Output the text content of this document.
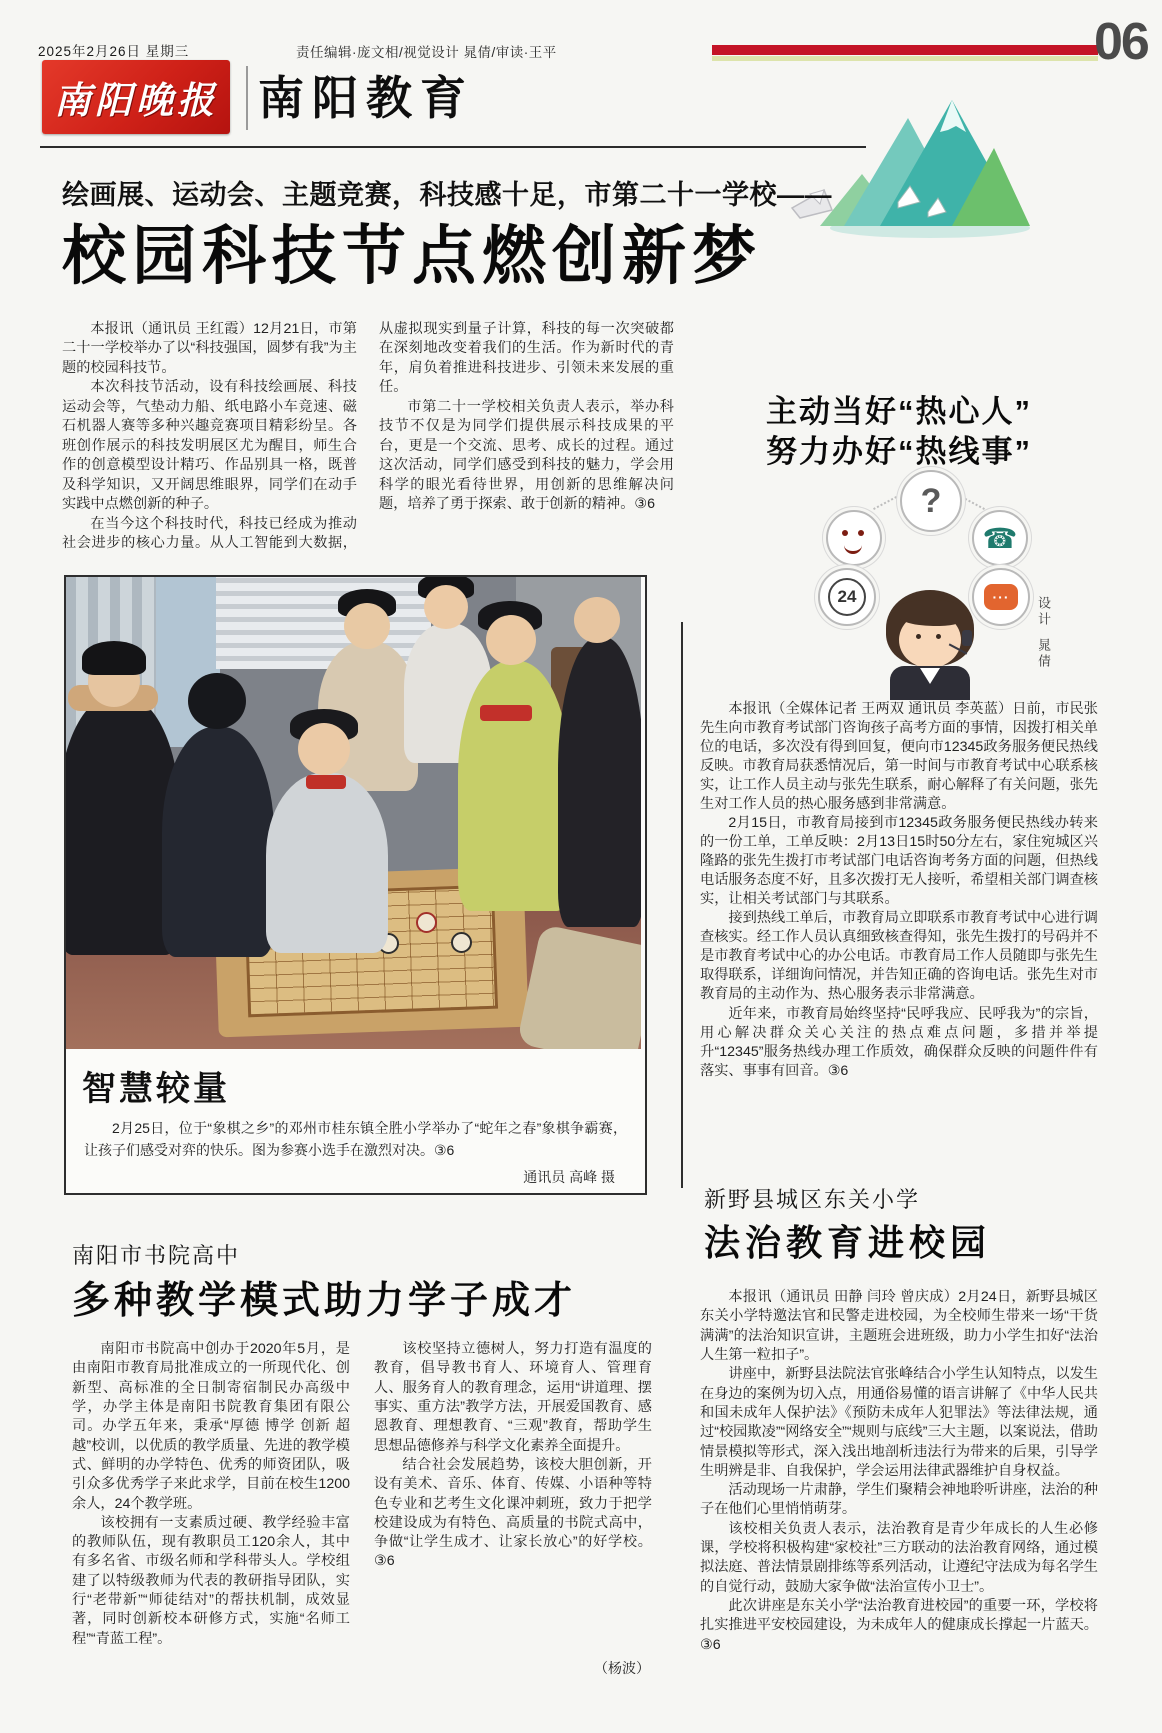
2025年2月26日 星期三	责任编辑·庞文相/视觉设计 晁倩/审读·王平	06
南阳晚报 南阳教育
绘画展、运动会、主题竞赛，科技感十足，市第二十一学校——
校园科技节点燃创新梦

本报讯（通讯员 王红霞）12月21日，市第二十一学校举办了以“科技强国，圆梦有我”为主题的校园科技节。

本次科技节活动，设有科技绘画展、科技运动会等，气垫动力船、纸电路小车竞速、磁石机器人赛等多种兴趣竞赛项目精彩纷呈。各班创作展示的科技发明展区尤为醒目，师生合作的创意模型设计精巧、作品别具一格，既普及科学知识，又开阔思维眼界，同学们在动手实践中点燃创新的种子。

在当今这个科技时代，科技已经成为推动社会进步的核心力量。从人工智能到大数据，从虚拟现实到量子计算，科技的每一次突破都在深刻地改变着我们的生活。作为新时代的青年，肩负着推进科技进步、引领未来发展的重任。

市第二十一学校相关负责人表示，举办科技节不仅是为同学们提供展示科技成果的平台，更是一个交流、思考、成长的过程。通过这次活动，同学们感受到科技的魅力，学会用科学的眼光看待世界，用创新的思维解决问题，培养了勇于探索、敢于创新的精神。③6

智慧较量
2月25日，位于“象棋之乡”的邓州市桂东镇全胜小学举办了“蛇年之春”象棋争霸赛，让孩子们感受对弈的快乐。图为参赛小选手在激烈对决。③6
通讯员 高峰 摄
南阳市书院高中
多种教学模式助力学子成才

南阳市书院高中创办于2020年5月，是由南阳市教育局批准成立的一所现代化、创新型、高标准的全日制寄宿制民办高级中学，办学主体是南阳书院教育集团有限公司。办学五年来，秉承“厚德 博学 创新 超越”校训，以优质的教学质量、先进的教学模式、鲜明的办学特色、优秀的师资团队，吸引众多优秀学子来此求学，目前在校生1200余人，24个教学班。

该校拥有一支素质过硬、教学经验丰富的教师队伍，现有教职员工120余人，其中有多名省、市级名师和学科带头人。学校组建了以特级教师为代表的教研指导团队，实行“老带新”“师徒结对”的帮扶机制，成效显著，同时创新校本研修方式，实施“名师工程”“青蓝工程”。

该校坚持立德树人，努力打造有温度的教育，倡导教书育人、环境育人、管理育人、服务育人的教育理念，运用“讲道理、摆事实、重方法”教学方法，开展爱国教育、感恩教育、理想教育、“三观”教育，帮助学生思想品德修养与科学文化素养全面提升。

结合社会发展趋势，该校大胆创新，开设有美术、音乐、体育、传媒、小语种等特色专业和艺考生文化课冲刺班，致力于把学校建设成为有特色、高质量的书院式高中，争做“让学生成才、让家长放心”的好学校。③6

（杨波）
主动当好“热心人”
努力办好“热线事”
?
☎
24	···	设计
晁倩

本报讯（全媒体记者 王两双 通讯员 李英蓝）日前，市民张先生向市教育考试部门咨询孩子高考方面的事情，因拨打相关单位的电话，多次没有得到回复，便向市12345政务服务便民热线反映。市教育局获悉情况后，第一时间与市教育考试中心联系核实，让工作人员主动与张先生联系，耐心解释了有关问题，张先生对工作人员的热心服务感到非常满意。

2月15日，市教育局接到市12345政务服务便民热线办转来的一份工单，工单反映：2月13日15时50分左右，家住宛城区兴隆路的张先生拨打市考试部门电话咨询考务方面的问题，但热线电话服务态度不好，且多次拨打无人接听，希望相关部门调查核实，让相关考试部门与其联系。

接到热线工单后，市教育局立即联系市教育考试中心进行调查核实。经工作人员认真细致核查得知，张先生拨打的号码并不是市教育考试中心的办公电话。市教育局工作人员随即与张先生取得联系，详细询问情况，并告知正确的咨询电话。张先生对市教育局的主动作为、热心服务表示非常满意。

近年来，市教育局始终坚持“民呼我应、民呼我为”的宗旨，用心解决群众关心关注的热点难点问题，多措并举提升“12345”服务热线办理工作质效，确保群众反映的问题件件有落实、事事有回音。③6

新野县城区东关小学
法治教育进校园

本报讯（通讯员 田静 闫玲 曾庆成）2月24日，新野县城区东关小学特邀法官和民警走进校园，为全校师生带来一场“干货满满”的法治知识宣讲，主题班会进班级，助力小学生扣好“法治人生第一粒扣子”。

讲座中，新野县法院法官张峰结合小学生认知特点，以发生在身边的案例为切入点，用通俗易懂的语言讲解了《中华人民共和国未成年人保护法》《预防未成年人犯罪法》等法律法规，通过“校园欺凌”“网络安全”“规则与底线”三大主题，以案说法，借助情景模拟等形式，深入浅出地剖析违法行为带来的后果，引导学生明辨是非、自我保护，学会运用法律武器维护自身权益。

活动现场一片肃静，学生们聚精会神地聆听讲座，法治的种子在他们心里悄悄萌芽。

该校相关负责人表示，法治教育是青少年成长的人生必修课，学校将积极构建“家校社”三方联动的法治教育网络，通过模拟法庭、普法情景剧排练等系列活动，让遵纪守法成为每名学生的自觉行动，鼓励大家争做“法治宣传小卫士”。

此次讲座是东关小学“法治教育进校园”的重要一环，学校将扎实推进平安校园建设，为未成年人的健康成长撑起一片蓝天。③6
